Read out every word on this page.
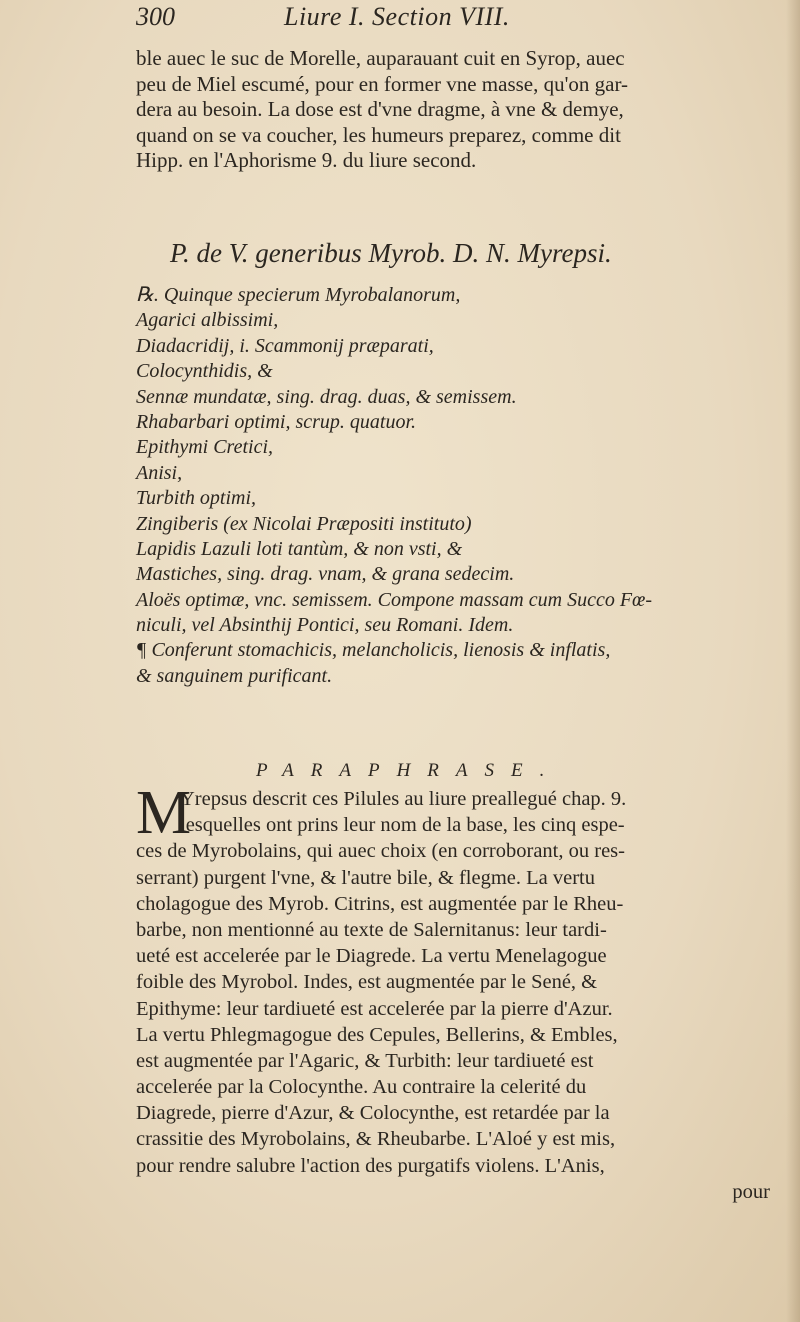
300	Liure I. Section VIII.
ble auec le suc de Morelle, auparauant cuit en Syrop, auec
peu de Miel escumé, pour en former vne masse, qu'on gar-
dera au besoin. La dose est d'vne dragme, à vne & demye,
quand on se va coucher, les humeurs preparez, comme dit
Hipp. en l'Aphorisme 9. du liure second.
P. de V. generibus Myrob. D. N. Myrepsi.
℞. Quinque specierum Myrobalanorum,
Agarici albissimi,
Diadacridij, i. Scammonij præparati,
Colocynthidis, &
Sennæ mundatæ, sing. drag. duas, & semissem.
Rhabarbari optimi, scrup. quatuor.
Epithymi Cretici,
Anisi,
Turbith optimi,
Zingiberis (ex Nicolai Præpositi instituto)
Lapidis Lazuli loti tantùm, & non vsti, &
Mastiches, sing. drag. vnam, & grana sedecim.
Aloës optimæ, vnc. semissem. Compone massam cum Succo Fœ-
niculi, vel Absinthij Pontici, seu Romani. Idem.
¶ Conferunt stomachicis, melancholicis, lienosis & inflatis,
& sanguinem purificant.
PARAPHRASE.
M
Yrepsus descrit ces Pilules au liure preallegué chap. 9.
lesquelles ont prins leur nom de la base, les cinq espe-
ces de Myrobolains, qui auec choix (en corroborant, ou res-
serrant) purgent l'vne, & l'autre bile, & flegme. La vertu
cholagogue des Myrob. Citrins, est augmentée par le Rheu-
barbe, non mentionné au texte de Salernitanus: leur tardi-
ueté est accelerée par le Diagrede. La vertu Menelagogue
foible des Myrobol. Indes, est augmentée par le Sené, &
Epithyme: leur tardiueté est accelerée par la pierre d'Azur.
La vertu Phlegmagogue des Cepules, Bellerins, & Embles,
est augmentée par l'Agaric, & Turbith: leur tardiueté est
accelerée par la Colocynthe. Au contraire la celerité du
Diagrede, pierre d'Azur, & Colocynthe, est retardée par la
crassitie des Myrobolains, & Rheubarbe. L'Aloé y est mis,
pour rendre salubre l'action des purgatifs violens. L'Anis,
pour
